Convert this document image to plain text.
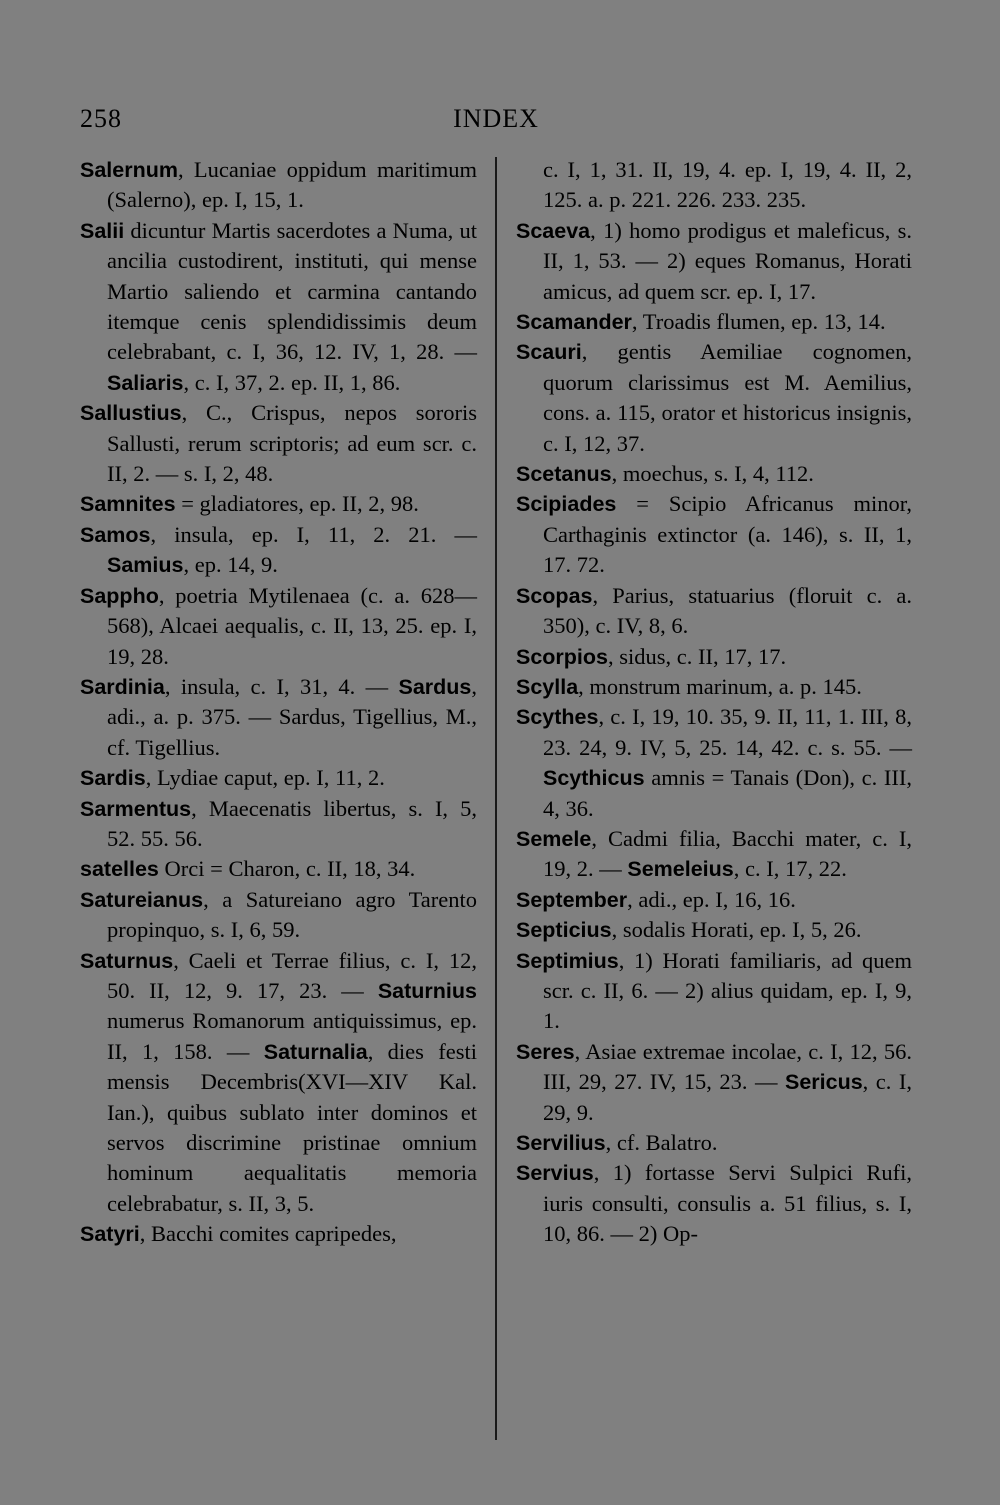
258	INDEX

Salernum, Lucaniae oppidum maritimum (Salerno), ep. I, 15, 1.

Salii dicuntur Martis sacerdotes a Numa, ut ancilia custodirent, instituti, qui mense Martio saliendo et carmina cantando itemque cenis splendidissimis deum celebrabant, c. I, 36, 12. IV, 1, 28. — Saliaris, c. I, 37, 2. ep. II, 1, 86.

Sallustius, C., Crispus, nepos sororis Sallusti, rerum scriptoris; ad eum scr. c. II, 2. — s. I, 2, 48.

Samnites = gladiatores, ep. II, 2, 98.

Samos, insula, ep. I, 11, 2. 21. — Samius, ep. 14, 9.

Sappho, poetria Mytilenaea (c. a. 628—568), Alcaei aequalis, c. II, 13, 25. ep. I, 19, 28.

Sardinia, insula, c. I, 31, 4. — Sardus, adi., a. p. 375. — Sardus, Tigellius, M., cf. Tigellius.

Sardis, Lydiae caput, ep. I, 11, 2.

Sarmentus, Maecenatis libertus, s. I, 5, 52. 55. 56.

satelles Orci = Charon, c. II, 18, 34.

Satureianus, a Satureiano agro Tarento propinquo, s. I, 6, 59.

Saturnus, Caeli et Terrae filius, c. I, 12, 50. II, 12, 9. 17, 23. — Saturnius numerus Romanorum antiquissimus, ep. II, 1, 158. — Saturnalia, dies festi mensis Decembris(XVI—XIV Kal. Ian.), quibus sublato inter dominos et servos discrimine pristinae omnium hominum aequalitatis memoria celebrabatur, s. II, 3, 5.

Satyri, Bacchi comites capripedes,

c. I, 1, 31. II, 19, 4. ep. I, 19, 4. II, 2, 125. a. p. 221. 226. 233. 235.

Scaeva, 1) homo prodigus et maleficus, s. II, 1, 53. — 2) eques Romanus, Horati amicus, ad quem scr. ep. I, 17.

Scamander, Troadis flumen, ep. 13, 14.

Scauri, gentis Aemiliae cognomen, quorum clarissimus est M. Aemilius, cons. a. 115, orator et historicus insignis, c. I, 12, 37.

Scetanus, moechus, s. I, 4, 112.

Scipiades = Scipio Africanus minor, Carthaginis extinctor (a. 146), s. II, 1, 17. 72.

Scopas, Parius, statuarius (floruit c. a. 350), c. IV, 8, 6.

Scorpios, sidus, c. II, 17, 17.

Scylla, monstrum marinum, a. p. 145.

Scythes, c. I, 19, 10. 35, 9. II, 11, 1. III, 8, 23. 24, 9. IV, 5, 25. 14, 42. c. s. 55. — Scythicus amnis = Tanais (Don), c. III, 4, 36.

Semele, Cadmi filia, Bacchi mater, c. I, 19, 2. — Semeleius, c. I, 17, 22.

September, adi., ep. I, 16, 16.

Septicius, sodalis Horati, ep. I, 5, 26.

Septimius, 1) Horati familiaris, ad quem scr. c. II, 6. — 2) alius quidam, ep. I, 9, 1.

Seres, Asiae extremae incolae, c. I, 12, 56. III, 29, 27. IV, 15, 23. — Sericus, c. I, 29, 9.

Servilius, cf. Balatro.

Servius, 1) fortasse Servi Sulpici Rufi, iuris consulti, consulis a. 51 filius, s. I, 10, 86. — 2) Op-
